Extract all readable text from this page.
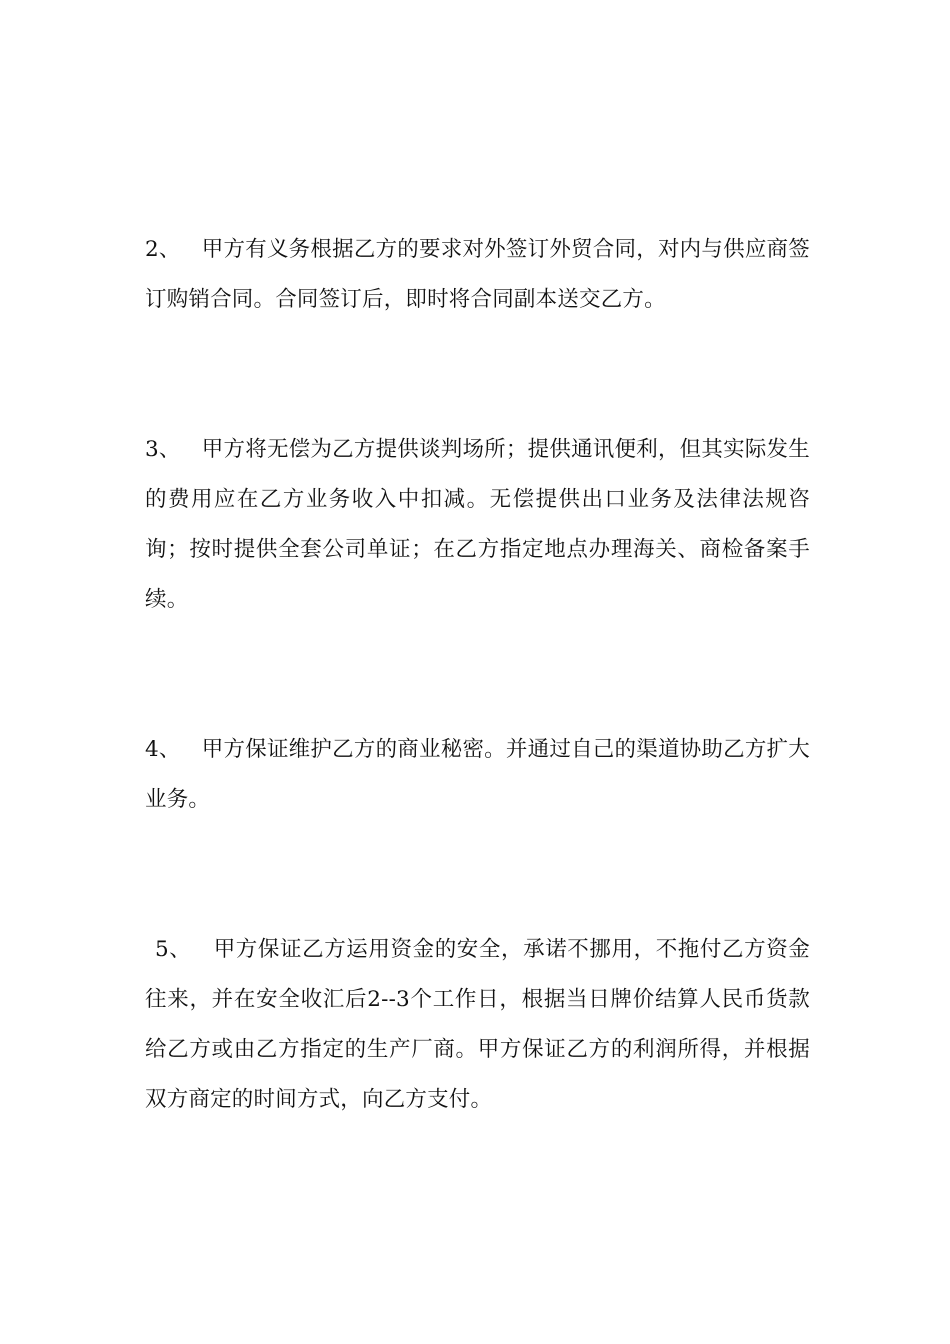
2、 甲方有义务根据乙方的要求对外签订外贸合同，对内与供应商签订购销合同。合同签订后，即时将合同副本送交乙方。

3、 甲方将无偿为乙方提供谈判场所；提供通讯便利，但其实际发生的费用应在乙方业务收入中扣减。无偿提供出口业务及法律法规咨询；按时提供全套公司单证；在乙方指定地点办理海关、商检备案手续。

4、 甲方保证维护乙方的商业秘密。并通过自己的渠道协助乙方扩大业务。

5、 甲方保证乙方运用资金的安全，承诺不挪用，不拖付乙方资金往来，并在安全收汇后2--3个工作日，根据当日牌价结算人民币货款给乙方或由乙方指定的生产厂商。甲方保证乙方的利润所得，并根据双方商定的时间方式，向乙方支付。
